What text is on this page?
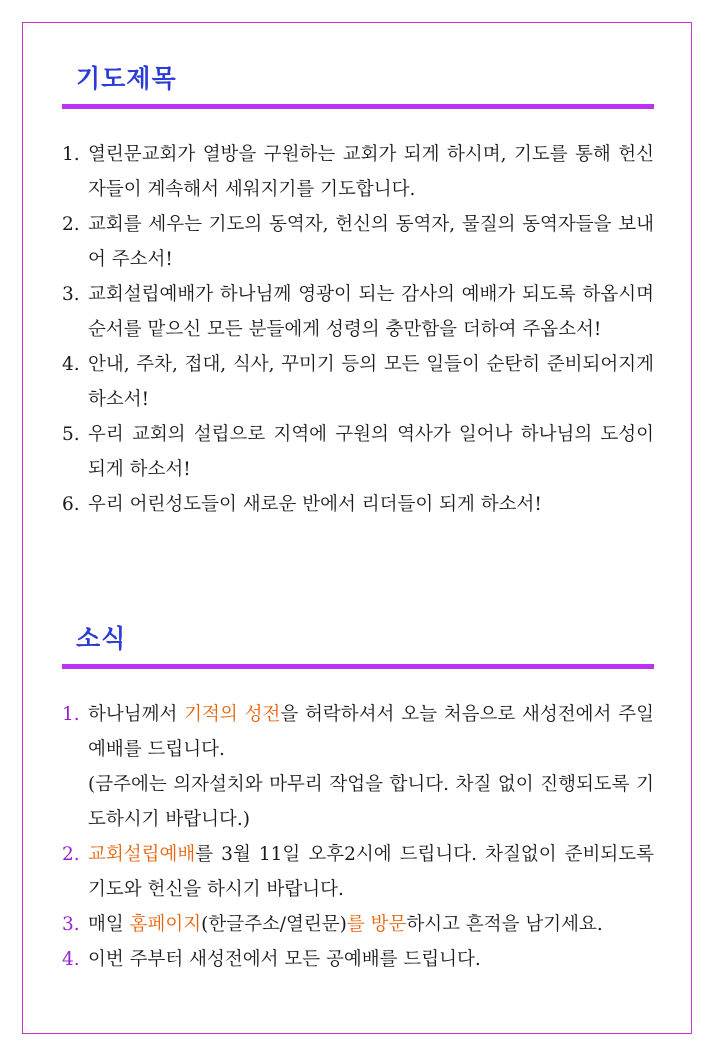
기도제목
1. 열린문교회가 열방을 구원하는 교회가 되게 하시며, 기도를 통해 헌신자들이 계속해서 세워지기를 기도합니다.
2. 교회를 세우는 기도의 동역자, 헌신의 동역자, 물질의 동역자들을 보내어 주소서!
3. 교회설립예배가 하나님께 영광이 되는 감사의 예배가 되도록 하옵시며 순서를 맡으신 모든 분들에게 성령의 충만함을 더하여 주옵소서!
4. 안내, 주차, 접대, 식사, 꾸미기 등의 모든 일들이 순탄히 준비되어지게 하소서!
5. 우리 교회의 설립으로 지역에 구원의 역사가 일어나 하나님의 도성이 되게 하소서!
6. 우리 어린성도들이 새로운 반에서 리더들이 되게 하소서!
소식
1. 하나님께서 기적의 성전을 허락하셔서 오늘 처음으로 새성전에서 주일예배를 드립니다.
(금주에는 의자설치와 마무리 작업을 합니다. 차질 없이 진행되도록 기도하시기 바랍니다.)
2. 교회설립예배를 3월 11일 오후2시에 드립니다. 차질없이 준비되도록 기도와 헌신을 하시기 바랍니다.
3. 매일 홈페이지(한글주소/열린문)를 방문하시고 흔적을 남기세요.
4. 이번 주부터 새성전에서 모든 공예배를 드립니다.
